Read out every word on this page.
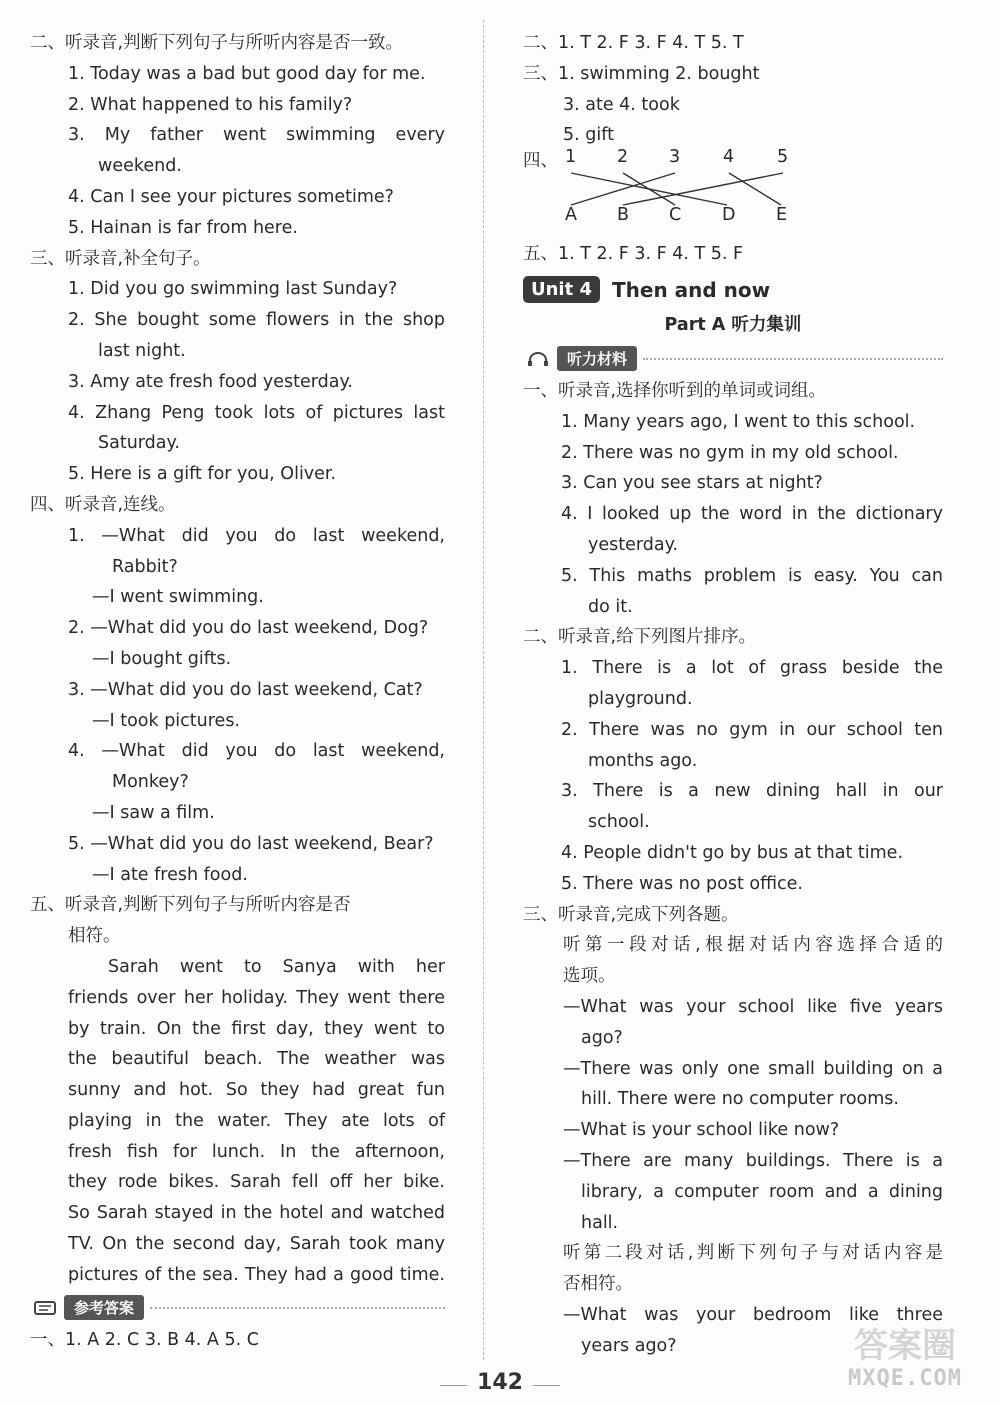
二、听录音,判断下列句子与所听内容是否一致。
1. Today was a bad but good day for me.
2. What happened to his family?
3. My father went swimming every
weekend.
4. Can I see your pictures sometime?
5. Hainan is far from here.
三、听录音,补全句子。
1. Did you go swimming last Sunday?
2. She bought some flowers in the shop
last night.
3. Amy ate fresh food yesterday.
4. Zhang Peng took lots of pictures last
Saturday.
5. Here is a gift for you, Oliver.
四、听录音,连线。
1. —What did you do last weekend,
Rabbit?
—I went swimming.
2. —What did you do last weekend, Dog?
—I bought gifts.
3. —What did you do last weekend, Cat?
—I took pictures.
4. —What did you do last weekend,
Monkey?
—I saw a film.
5. —What did you do last weekend, Bear?
—I ate fresh food.
五、听录音,判断下列句子与所听内容是否
相符。
Sarah went to Sanya with her
friends over her holiday. They went there
by train. On the first day, they went to
the beautiful beach. The weather was
sunny and hot. So they had great fun
playing in the water. They ate lots of
fresh fish for lunch. In the afternoon,
they rode bikes. Sarah fell off her bike.
So Sarah stayed in the hotel and watched
TV. On the second day, Sarah took many
pictures of the sea. They had a good time.
参考答案
一、1. A 2. C 3. B 4. A 5. C
二、1. T 2. F 3. F 4. T 5. T
三、1. swimming 2. bought
3. ate 4. took
5. gift
四、 1 2 3 4 5
A B C D E
五、1. T 2. F 3. F 4. T 5. F
Unit 4	Then and now
Part A 听力集训
听力材料
一、听录音,选择你听到的单词或词组。
1. Many years ago, I went to this school.
2. There was no gym in my old school.
3. Can you see stars at night?
4. I looked up the word in the dictionary
yesterday.
5. This maths problem is easy. You can
do it.
二、听录音,给下列图片排序。
1. There is a lot of grass beside the
playground.
2. There was no gym in our school ten
months ago.
3. There is a new dining hall in our
school.
4. People didn't go by bus at that time.
5. There was no post office.
三、听录音,完成下列各题。
听第一段对话,根据对话内容选择合适的
选项。
—What was your school like five years
ago?
—There was only one small building on a
hill. There were no computer rooms.
—What is your school like now?
—There are many buildings. There is a
library, a computer room and a dining
hall.
听第二段对话,判断下列句子与对话内容是
否相符。
—What was your bedroom like three
years ago?
142
答案圈
MXQE.COM
